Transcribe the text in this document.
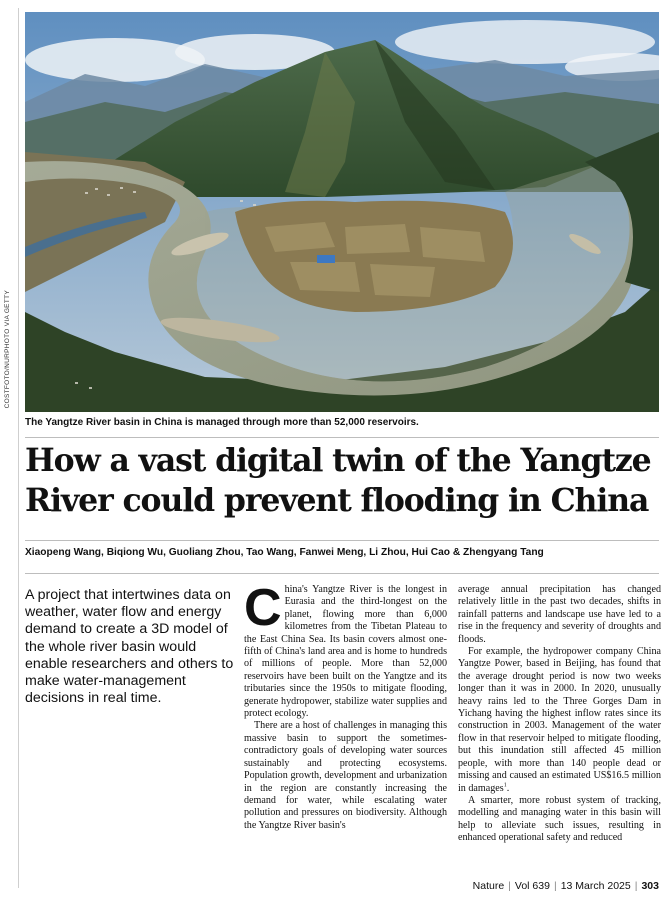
COSTFOTO/NURPHOTO VIA GETTY
The Yangtze River basin in China is managed through more than 52,000 reservoirs.
How a vast digital twin of the Yangtze
River could prevent flooding in China
Xiaopeng Wang, Biqiong Wu, Guoliang Zhou, Tao Wang, Fanwei Meng, Li Zhou, Hui Cao & Zhengyang Tang
A project that intertwines data on weather, water flow and energy demand to create a 3D model of the whole river basin would enable researchers and others to make water-management decisions in real time.

China's Yangtze River is the longest in Eurasia and the third-longest on the planet, flowing more than 6,000 kilometres from the Tibetan Plateau to the East China Sea. Its basin covers almost one-fifth of China's land area and is home to hundreds of millions of people. More than 52,000 reservoirs have been built on the Yangtze and its tributaries since the 1950s to mitigate flooding, generate hydropower, stabilize water supplies and protect ecology.

There are a host of challenges in managing this massive basin to support the sometimes-contradictory goals of developing water sources sustainably and protecting ecosystems. Population growth, development and urbanization in the region are constantly increasing the demand for water, while escalating water pollution and pressures on biodiversity. Although the Yangtze River basin's

average annual precipitation has changed relatively little in the past two decades, shifts in rainfall patterns and landscape use have led to a rise in the frequency and severity of droughts and floods.

For example, the hydropower company China Yangtze Power, based in Beijing, has found that the average drought period is now two weeks longer than it was in 2000. In 2020, unusually heavy rains led to the Three Gorges Dam in Yichang having the highest inflow rates since its construction in 2003. Management of the water flow in that reservoir helped to mitigate flooding, but this inundation still affected 45 million people, with more than 140 people dead or missing and caused an estimated US$16.5 million in damages$^1$.

A smarter, more robust system of tracking, modelling and managing water in this basin will help to alleviate such issues, resulting in enhanced operational safety and reduced

Nature | Vol 639 | 13 March 2025 | 303
